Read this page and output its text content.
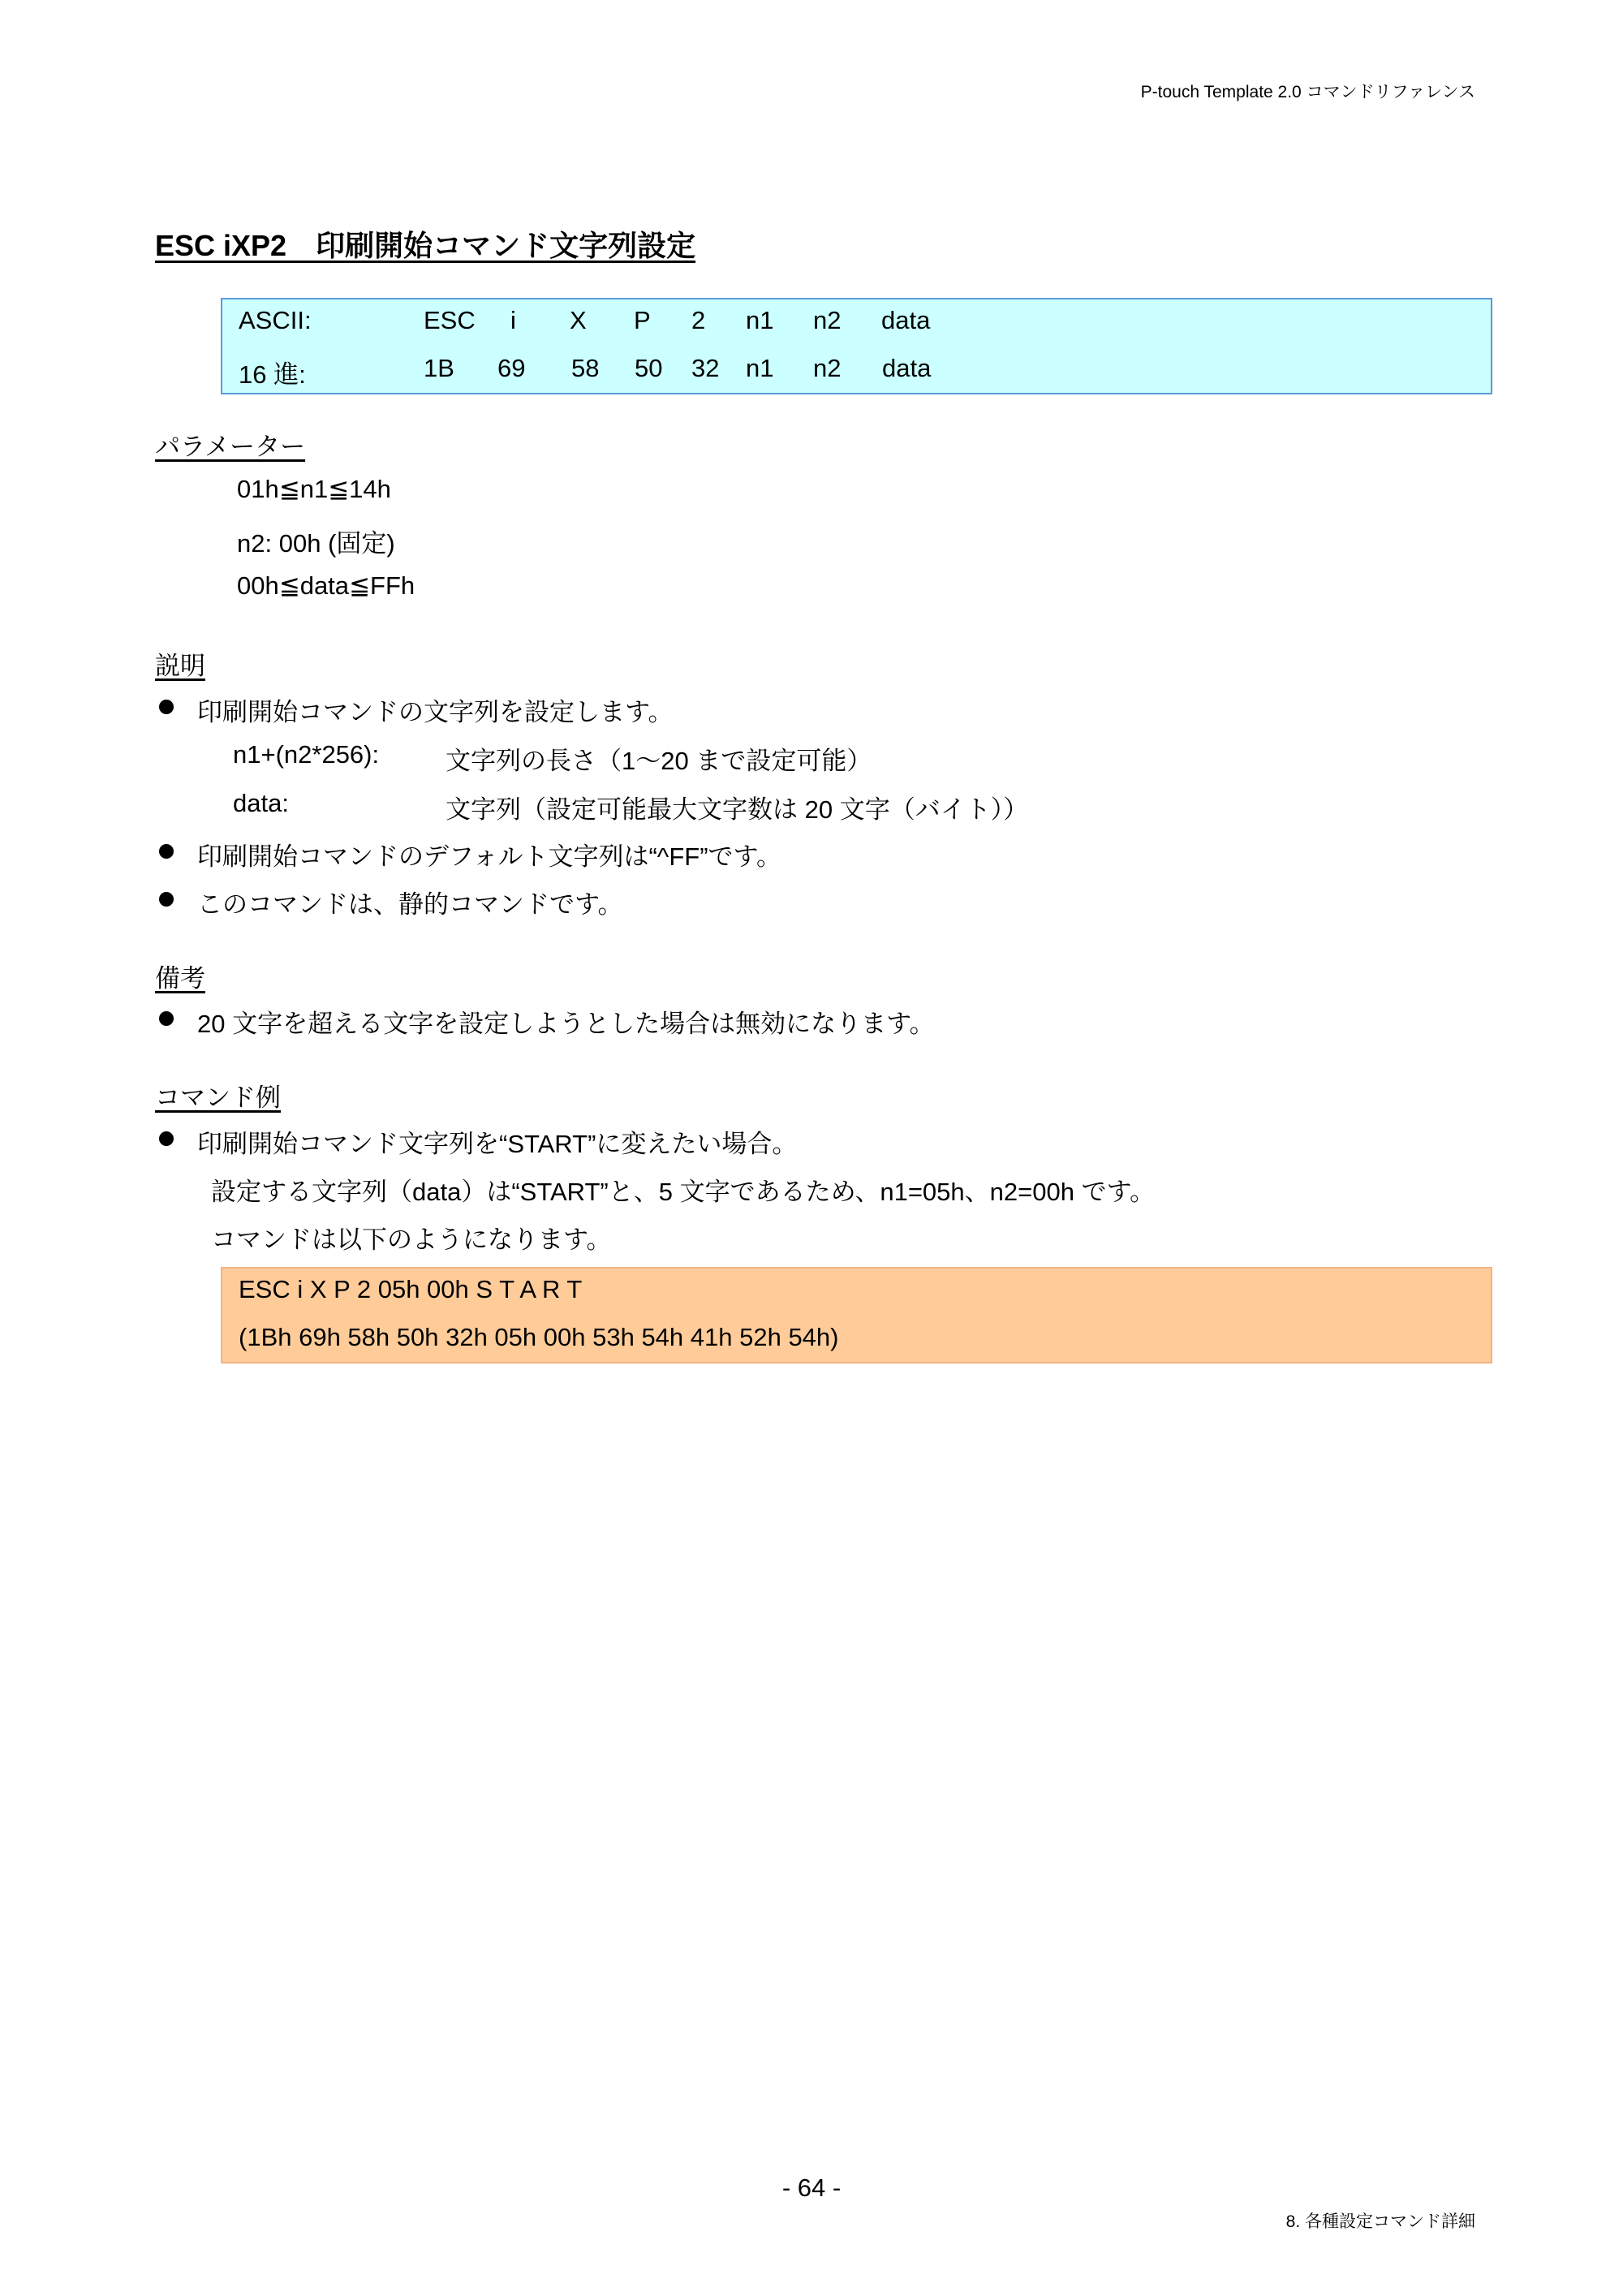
P-touch Template 2.0 コマンドリファレンス
ESC iXP2　印刷開始コマンド文字列設定
ASCII:	ESC i X P 2 n1 n2 data
16 進:	1B 69 58 50 32 n1 n2 data
パラメーター
01h≦n1≦14h
n2: 00h (固定)
00h≦data≦FFh
説明
印刷開始コマンドの文字列を設定します。
n1+(n2*256):	文字列の長さ（1～20 まで設定可能）
data:	文字列（設定可能最大文字数は 20 文字（バイト））
印刷開始コマンドのデフォルト文字列は“^FF”です。
このコマンドは、静的コマンドです。
備考
20 文字を超える文字を設定しようとした場合は無効になります。
コマンド例
印刷開始コマンド文字列を“START”に変えたい場合。
設定する文字列（data）は“START”と、5 文字であるため、n1=05h、n2=00h です。
コマンドは以下のようになります。
ESC i X P 2 05h 00h S T A R T
(1Bh 69h 58h 50h 32h 05h 00h 53h 54h 41h 52h 54h)
- 64 -
8. 各種設定コマンド詳細
